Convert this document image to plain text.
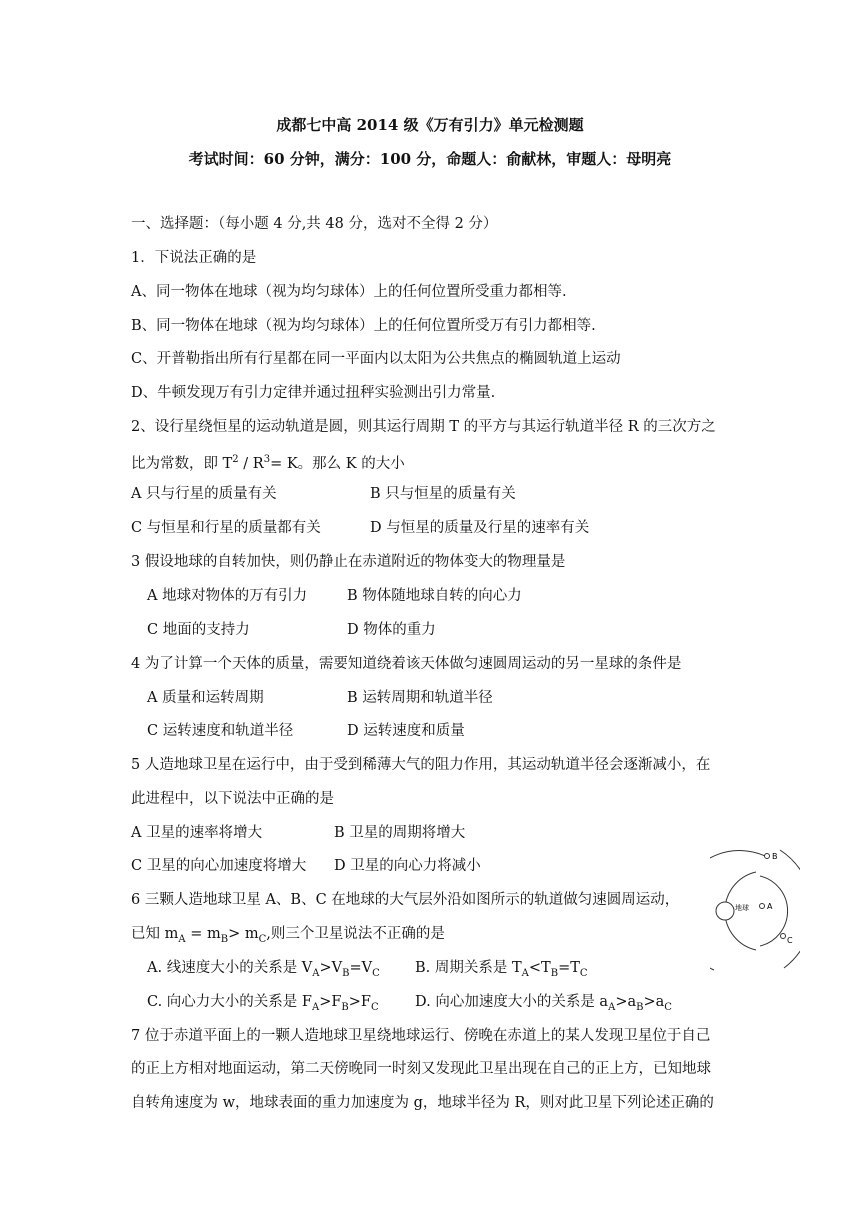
成都七中高 2014 级《万有引力》单元检测题
考试时间：60 分钟，满分：100 分，命题人：俞献林，审题人：母明亮
一、选择题：（每小题 4 分,共 48 分，选对不全得 2 分）
1．下说法正确的是
A、同一物体在地球（视为均匀球体）上的任何位置所受重力都相等.
B、同一物体在地球（视为均匀球体）上的任何位置所受万有引力都相等.
C、开普勒指出所有行星都在同一平面内以太阳为公共焦点的椭圆轨道上运动
D、牛顿发现万有引力定律并通过扭秤实验测出引力常量.
2、设行星绕恒星的运动轨道是圆，则其运行周期 T 的平方与其运行轨道半径 R 的三次方之
比为常数，即 $T^2 / R^3= K$。那么 K 的大小
A 只与行星的质量有关	B 只与恒星的质量有关
C 与恒星和行星的质量都有关	D 与恒星的质量及行星的速率有关
3 假设地球的自转加快，则仍静止在赤道附近的物体变大的物理量是
A 地球对物体的万有引力	B 物体随地球自转的向心力
C 地面的支持力	D 物体的重力
4 为了计算一个天体的质量，需要知道绕着该天体做匀速圆周运动的另一星球的条件是
A 质量和运转周期	B 运转周期和轨道半径
C 运转速度和轨道半径	D 运转速度和质量
5 人造地球卫星在运行中，由于受到稀薄大气的阻力作用，其运动轨道半径会逐渐减小，在
此进程中，以下说法中正确的是
A 卫星的速率将增大	B 卫星的周期将增大
C 卫星的向心加速度将增大 D 卫星的向心力将减小
6 三颗人造地球卫星 A、B、C 在地球的大气层外沿如图所示的轨道做匀速圆周运动，
已知 $m_A = m_B> m_C$,则三个卫星说法不正确的是
A. 线速度大小的关系是 $V_A>V_B=V_C$ B. 周期关系是 $T_A<T_B=T_C$
C. 向心力大小的关系是 $F_A>F_B>F_C$	D. 向心加速度大小的关系是 $a_A>a_B>a_C$
7 位于赤道平面上的一颗人造地球卫星绕地球运行、傍晚在赤道上的某人发现卫星位于自己
的正上方相对地面运动，第二天傍晚同一时刻又发现此卫星出现在自己的正上方，已知地球
自转角速度为 w，地球表面的重力加速度为 g，地球半径为 R，则对此卫星下列论述正确的
地球 A
B
C
